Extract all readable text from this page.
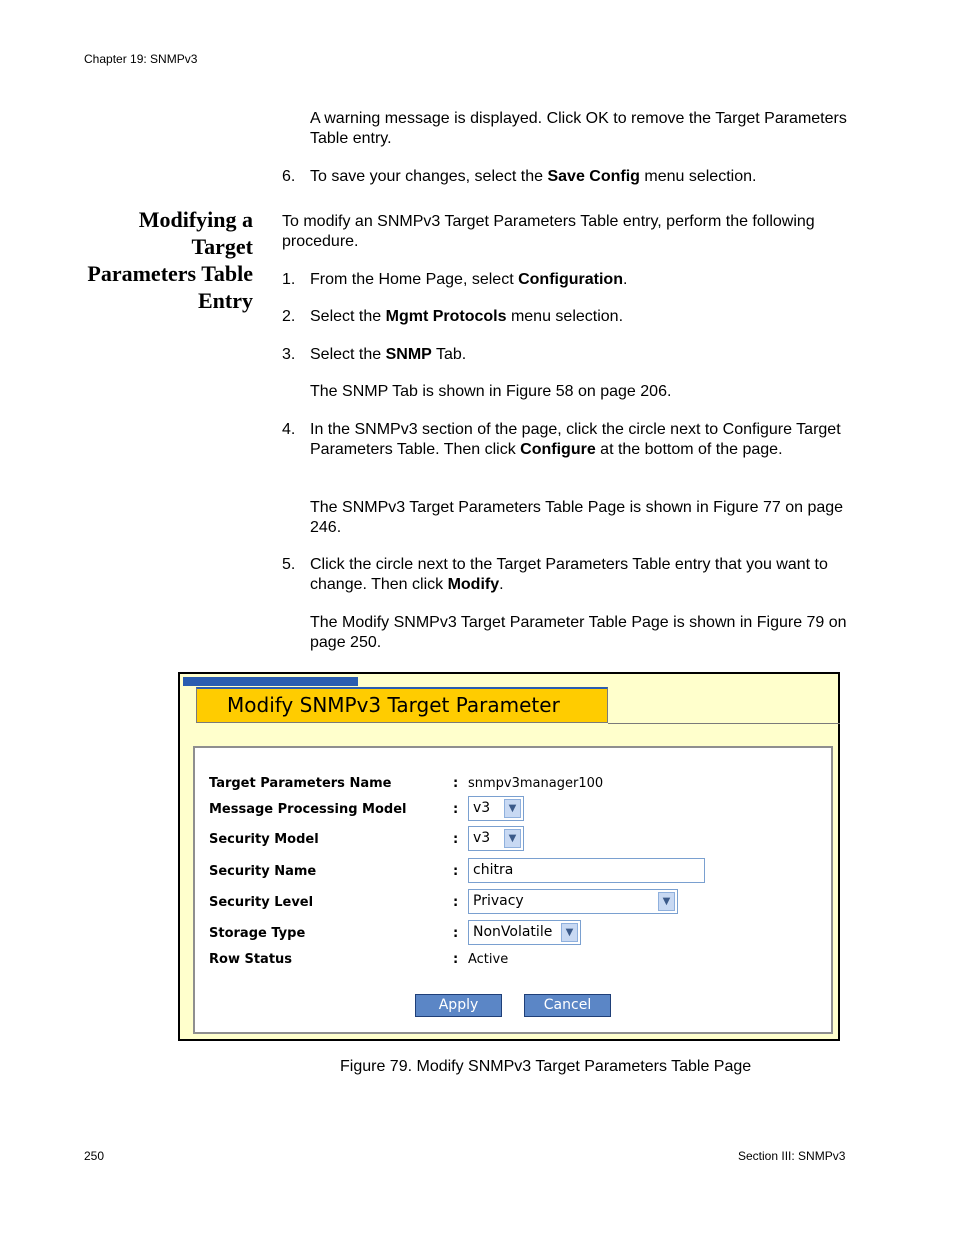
Chapter 19: SNMPv3
250	Section III: SNMPv3
A warning message is displayed. Click OK to remove the Target Parameters Table entry.
6. To save your changes, select the Save Config menu selection.
Modifying a
Target
Parameters Table
Entry
To modify an SNMPv3 Target Parameters Table entry, perform the following procedure.
1. From the Home Page, select Configuration.
2. Select the Mgmt Protocols menu selection.
3. Select the SNMP Tab.
The SNMP Tab is shown in Figure 58 on page 206.
4. In the SNMPv3 section of the page, click the circle next to Configure Target Parameters Table. Then click Configure at the bottom of the page.
The SNMPv3 Target Parameters Table Page is shown in Figure 77 on page 246.
5. Click the circle next to the Target Parameters Table entry that you want to change. Then click Modify.
The Modify SNMPv3 Target Parameter Table Page is shown in Figure 79 on page 250.
Modify SNMPv3 Target Parameter
Target Parameters Name	: snmpv3manager100
Message Processing Model	: v3	▼
Security Model	: v3	▼
Security Name	:	chitra
Security Level	: Privacy	▼
Storage Type	: NonVolatile	▼
Row Status	: Active
Apply	Cancel
Figure 79. Modify SNMPv3 Target Parameters Table Page
